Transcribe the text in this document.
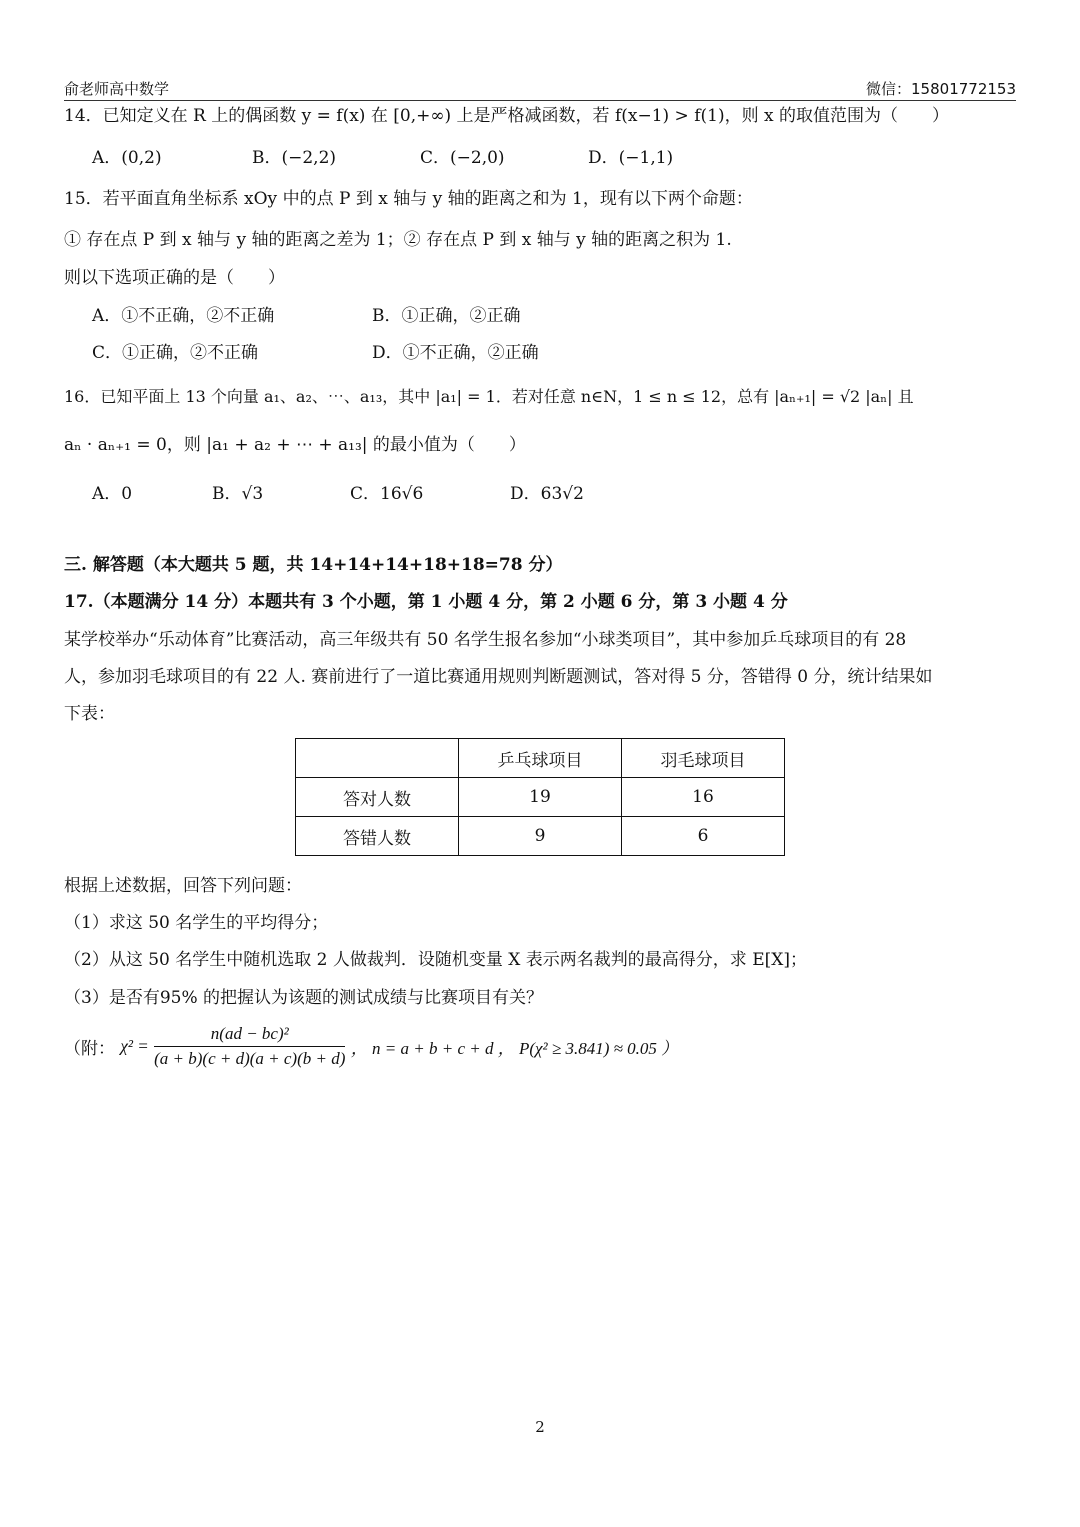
俞老师高中数学	微信：15801772153
14．已知定义在 R 上的偶函数 y = f(x) 在 [0,+∞) 上是严格减函数，若 f(x−1) > f(1)，则 x 的取值范围为（　　）
A．(0,2)	B．(−2,2)	C．(−2,0)	D．(−1,1)
15．若平面直角坐标系 xOy 中的点 P 到 x 轴与 y 轴的距离之和为 1，现有以下两个命题：
① 存在点 P 到 x 轴与 y 轴的距离之差为 1；② 存在点 P 到 x 轴与 y 轴的距离之积为 1.
则以下选项正确的是（　　）
A．①不正确，②不正确	B．①正确，②正确
C．①正确，②不正确	D．①不正确，②正确
16．已知平面上 13 个向量 a₁、a₂、⋯、a₁₃，其中 |a₁| = 1．若对任意 n∈N，1 ≤ n ≤ 12，总有 |aₙ₊₁| = √2 |aₙ| 且
aₙ · aₙ₊₁ = 0，则 |a₁ + a₂ + ⋯ + a₁₃| 的最小值为（　　）
A．0	B．√3	C．16√6	D．63√2
三. 解答题（本大题共 5 题，共 14+14+14+18+18=78 分）
17.（本题满分 14 分）本题共有 3 个小题，第 1 小题 4 分，第 2 小题 6 分，第 3 小题 4 分
某学校举办“乐动体育”比赛活动，高三年级共有 50 名学生报名参加“小球类项目”，其中参加乒乓球项目的有 28
人，参加羽毛球项目的有 22 人. 赛前进行了一道比赛通用规则判断题测试，答对得 5 分，答错得 0 分，统计结果如
下表：
	乒乓球项目	羽毛球项目
答对人数	19	16
答错人数	9	6
根据上述数据，回答下列问题：
（1）求这 50 名学生的平均得分；
（2）从这 50 名学生中随机选取 2 人做裁判．设随机变量 X 表示两名裁判的最高得分，求 E[X]；
（3）是否有95% 的把握认为该题的测试成绩与比赛项目有关？
（附： $\chi^2 = \frac{\text{n(ad − bc)²}}{(a + b)(c + d)(a + c)(b + d)}$ ， n = a + b + c + d ， P(χ² ≥ 3.841) ≈ 0.05 ）
2
